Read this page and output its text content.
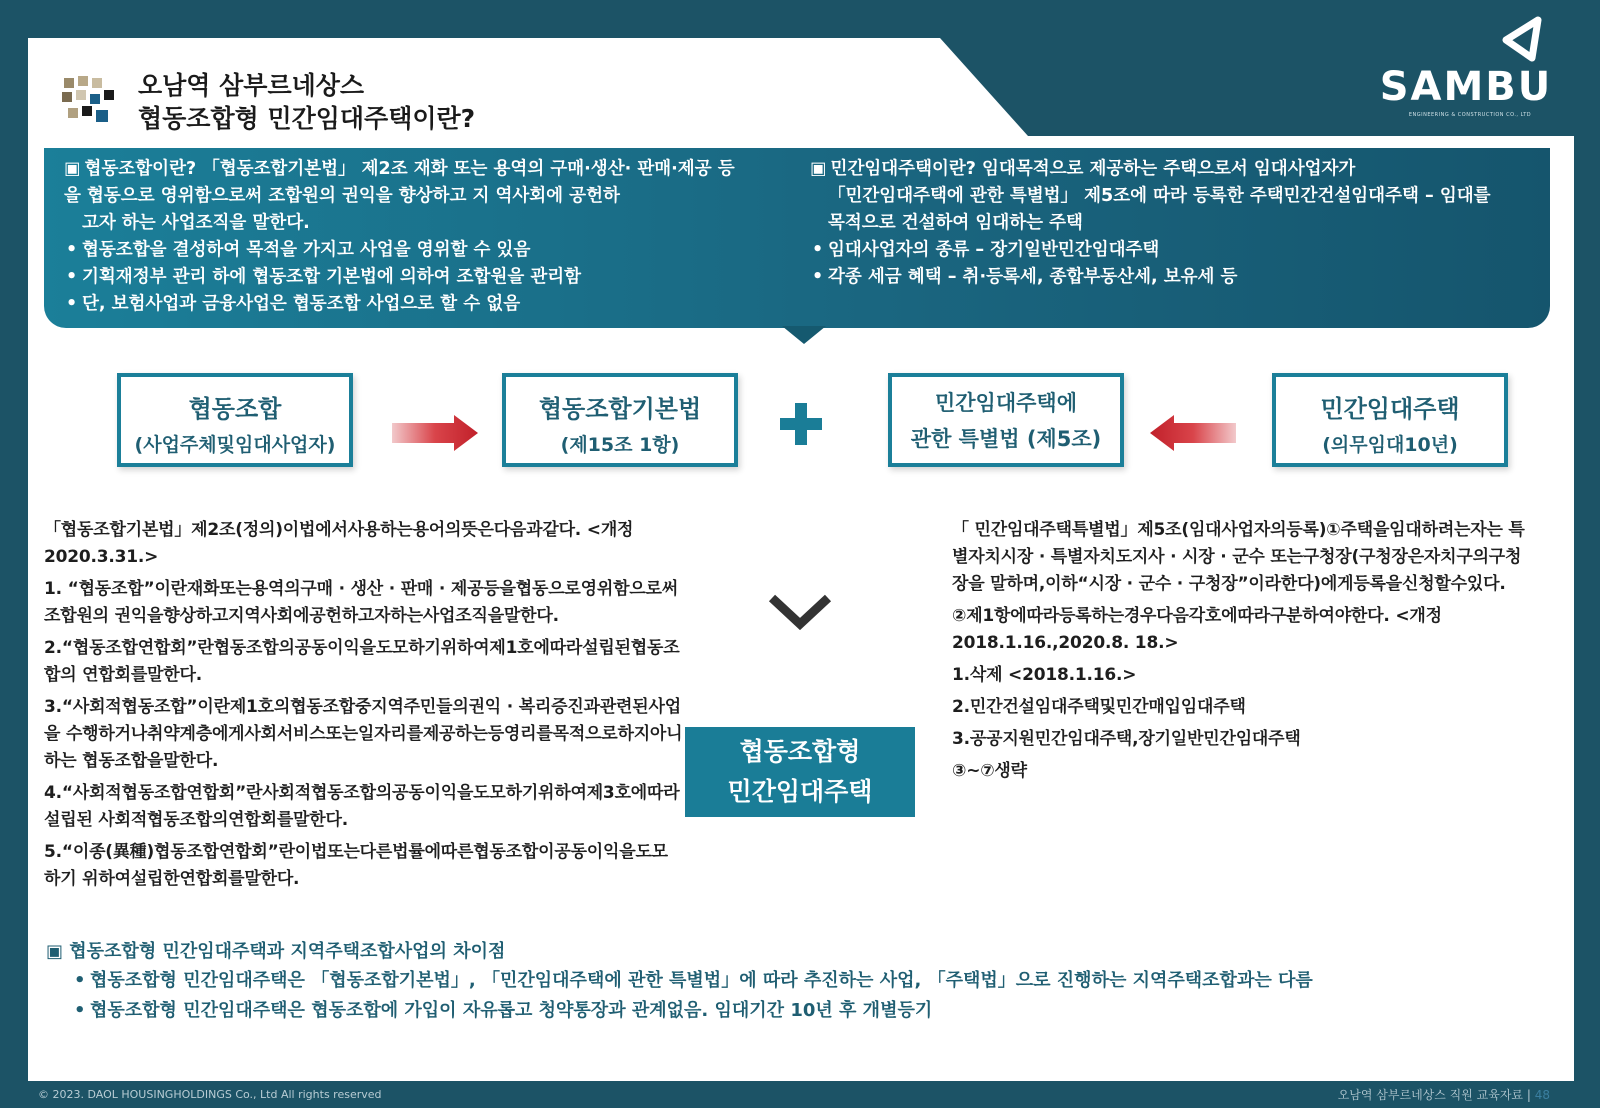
오남역 삼부르네상스
협동조합형 민간임대주택이란?
SAMBU
ENGINEERING & CONSTRUCTION CO., LTD
▣ 협동조합이란? 「협동조합기본법」 제2조 재화 또는 용역의 구매·생산· 판매·제공 등
을 협동으로 영위함으로써 조합원의 권익을 향상하고 지 역사회에 공헌하
고자 하는 사업조직을 말한다.
• 협동조합을 결성하여 목적을 가지고 사업을 영위할 수 있음
• 기획재정부 관리 하에 협동조합 기본법에 의하여 조합원을 관리함
• 단, 보험사업과 금융사업은 협동조합 사업으로 할 수 없음
▣ 민간임대주택이란? 임대목적으로 제공하는 주택으로서 임대사업자가
「민간임대주택에 관한 특별법」 제5조에 따라 등록한 주택민간건설임대주택 – 임대를
목적으로 건설하여 임대하는 주택
• 임대사업자의 종류 – 장기일반민간임대주택
• 각종 세금 혜택 – 취·등록세, 종합부동산세, 보유세 등
협동조합
(사업주체및임대사업자)
협동조합기본법
(제15조 1항)
민간임대주택에
관한 특별법 (제5조)
민간임대주택
(의무임대10년)
「협동조합기본법」제2조(정의)이법에서사용하는용어의뜻은다음과같다. <개정2020.3.31.>
1. “협동조합”이란재화또는용역의구매 · 생산 · 판매 · 제공등을협동으로영위함으로써조합원의 권익을향상하고지역사회에공헌하고자하는사업조직을말한다.
2.“협동조합연합회”란협동조합의공동이익을도모하기위하여제1호에따라설립된협동조합의 연합회를말한다.
3.“사회적협동조합”이란제1호의협동조합중지역주민들의권익 · 복리증진과관련된사업을 수행하거나취약계층에게사회서비스또는일자리를제공하는등영리를목적으로하지아니하는 협동조합을말한다.
4.“사회적협동조합연합회”란사회적협동조합의공동이익을도모하기위하여제3호에따라설립된 사회적협동조합의연합회를말한다.
5.“이종(異種)협동조합연합회”란이법또는다른법률에따른협동조합이공동이익을도모하기 위하여설립한연합회를말한다.
협동조합형
민간임대주택
「 민간임대주택특별법」제5조(임대사업자의등록)①주택을임대하려는자는 특별자치시장 · 특별자치도지사 · 시장 · 군수 또는구청장(구청장은자치구의구청장을 말하며,이하“시장 · 군수 · 구청장”이라한다)에게등록을신청할수있다.
②제1항에따라등록하는경우다음각호에따라구분하여야한다. <개정2018.1.16.,2020.8. 18.>
1.삭제 <2018.1.16.>
2.민간건설임대주택및민간매입임대주택
3.공공지원민간임대주택,장기일반민간임대주택
③~⑦생략
▣ 협동조합형 민간임대주택과 지역주택조합사업의 차이점
• 협동조합형 민간임대주택은 「협동조합기본법」, 「민간임대주택에 관한 특별법」에 따라 추진하는 사업, 「주택법」으로 진행하는 지역주택조합과는 다름
• 협동조합형 민간임대주택은 협동조합에 가입이 자유롭고 청약통장과 관계없음. 임대기간 10년 후 개별등기
© 2023. DAOL HOUSINGHOLDINGS Co., Ltd All rights reserved	오남역 삼부르네상스 직원 교육자료 | 48
